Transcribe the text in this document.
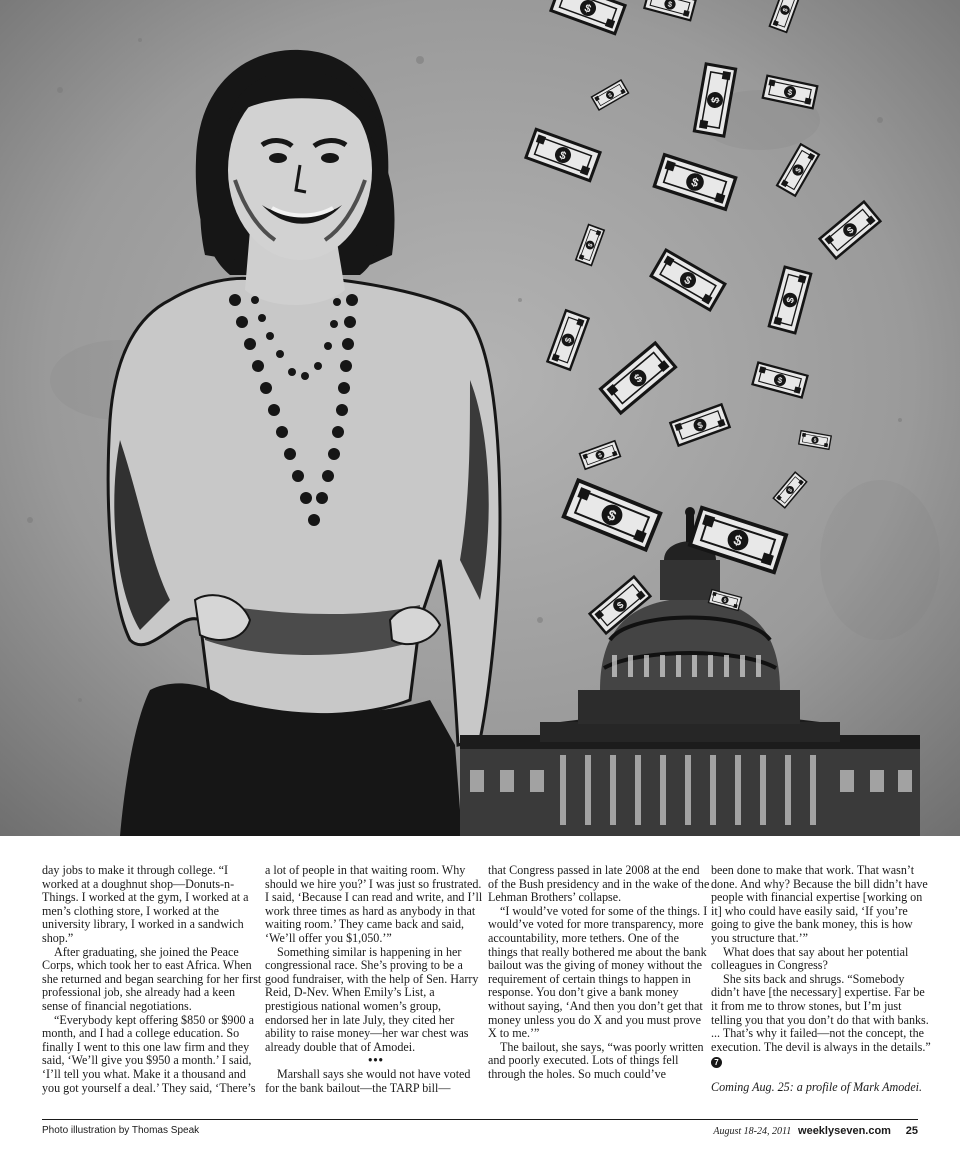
day jobs to make it through college. “I worked at a doughnut shop—Donuts-n-Things. I worked at the gym, I worked at a men’s clothing store, I worked at the university library, I worked in a sandwich shop.”

After graduating, she joined the Peace Corps, which took her to east Africa. When she returned and began searching for her first professional job, she already had a keen sense of financial negotiations.

“Everybody kept offering $850 or $900 a month, and I had a college education. So finally I went to this one law firm and they said, ‘We’ll give you $950 a month.’ I said, ‘I’ll tell you what. Make it a thousand and you got yourself a deal.’ They said, ‘There’s

a lot of people in that waiting room. Why should we hire you?’ I was just so frustrated. I said, ‘Because I can read and write, and I’ll work three times as hard as anybody in that waiting room.’ They came back and said, ‘We’ll offer you $1,050.’”

Something similar is happening in her congressional race. She’s proving to be a good fundraiser, with the help of Sen. Harry Reid, D-Nev. When Emily’s List, a prestigious national women’s group, endorsed her in late July, they cited her ability to raise money—her war chest was already double that of Amodei.

•••

Marshall says she would not have voted for the bank bailout—the TARP bill—

that Congress passed in late 2008 at the end of the Bush presidency and in the wake of the Lehman Brothers’ collapse.

“I would’ve voted for some of the things. I would’ve voted for more transparency, more accountability, more tethers. One of the things that really bothered me about the bank bailout was the giving of money without the requirement of certain things to happen in response. You don’t give a bank money without saying, ‘And then you don’t get that money unless you do X and you must prove X to me.’”

The bailout, she says, “was poorly written and poorly executed. Lots of things fell through the holes. So much could’ve

been done to make that work. That wasn’t done. And why? Because the bill didn’t have people with financial expertise [working on it] who could have easily said, ‘If you’re going to give the bank money, this is how you structure that.’”

What does that say about her potential colleagues in Congress?

She sits back and shrugs. “Somebody didn’t have [the necessary] expertise. Far be it from me to throw stones, but I’m just telling you that you don’t do that with banks. ... That’s why it failed—not the concept, the execution. The devil is always in the details.” 7

Coming Aug. 25: a profile of Mark Amodei.

Photo illustration by Thomas Speak	August 18-24, 2011 weeklyseven.com 25
